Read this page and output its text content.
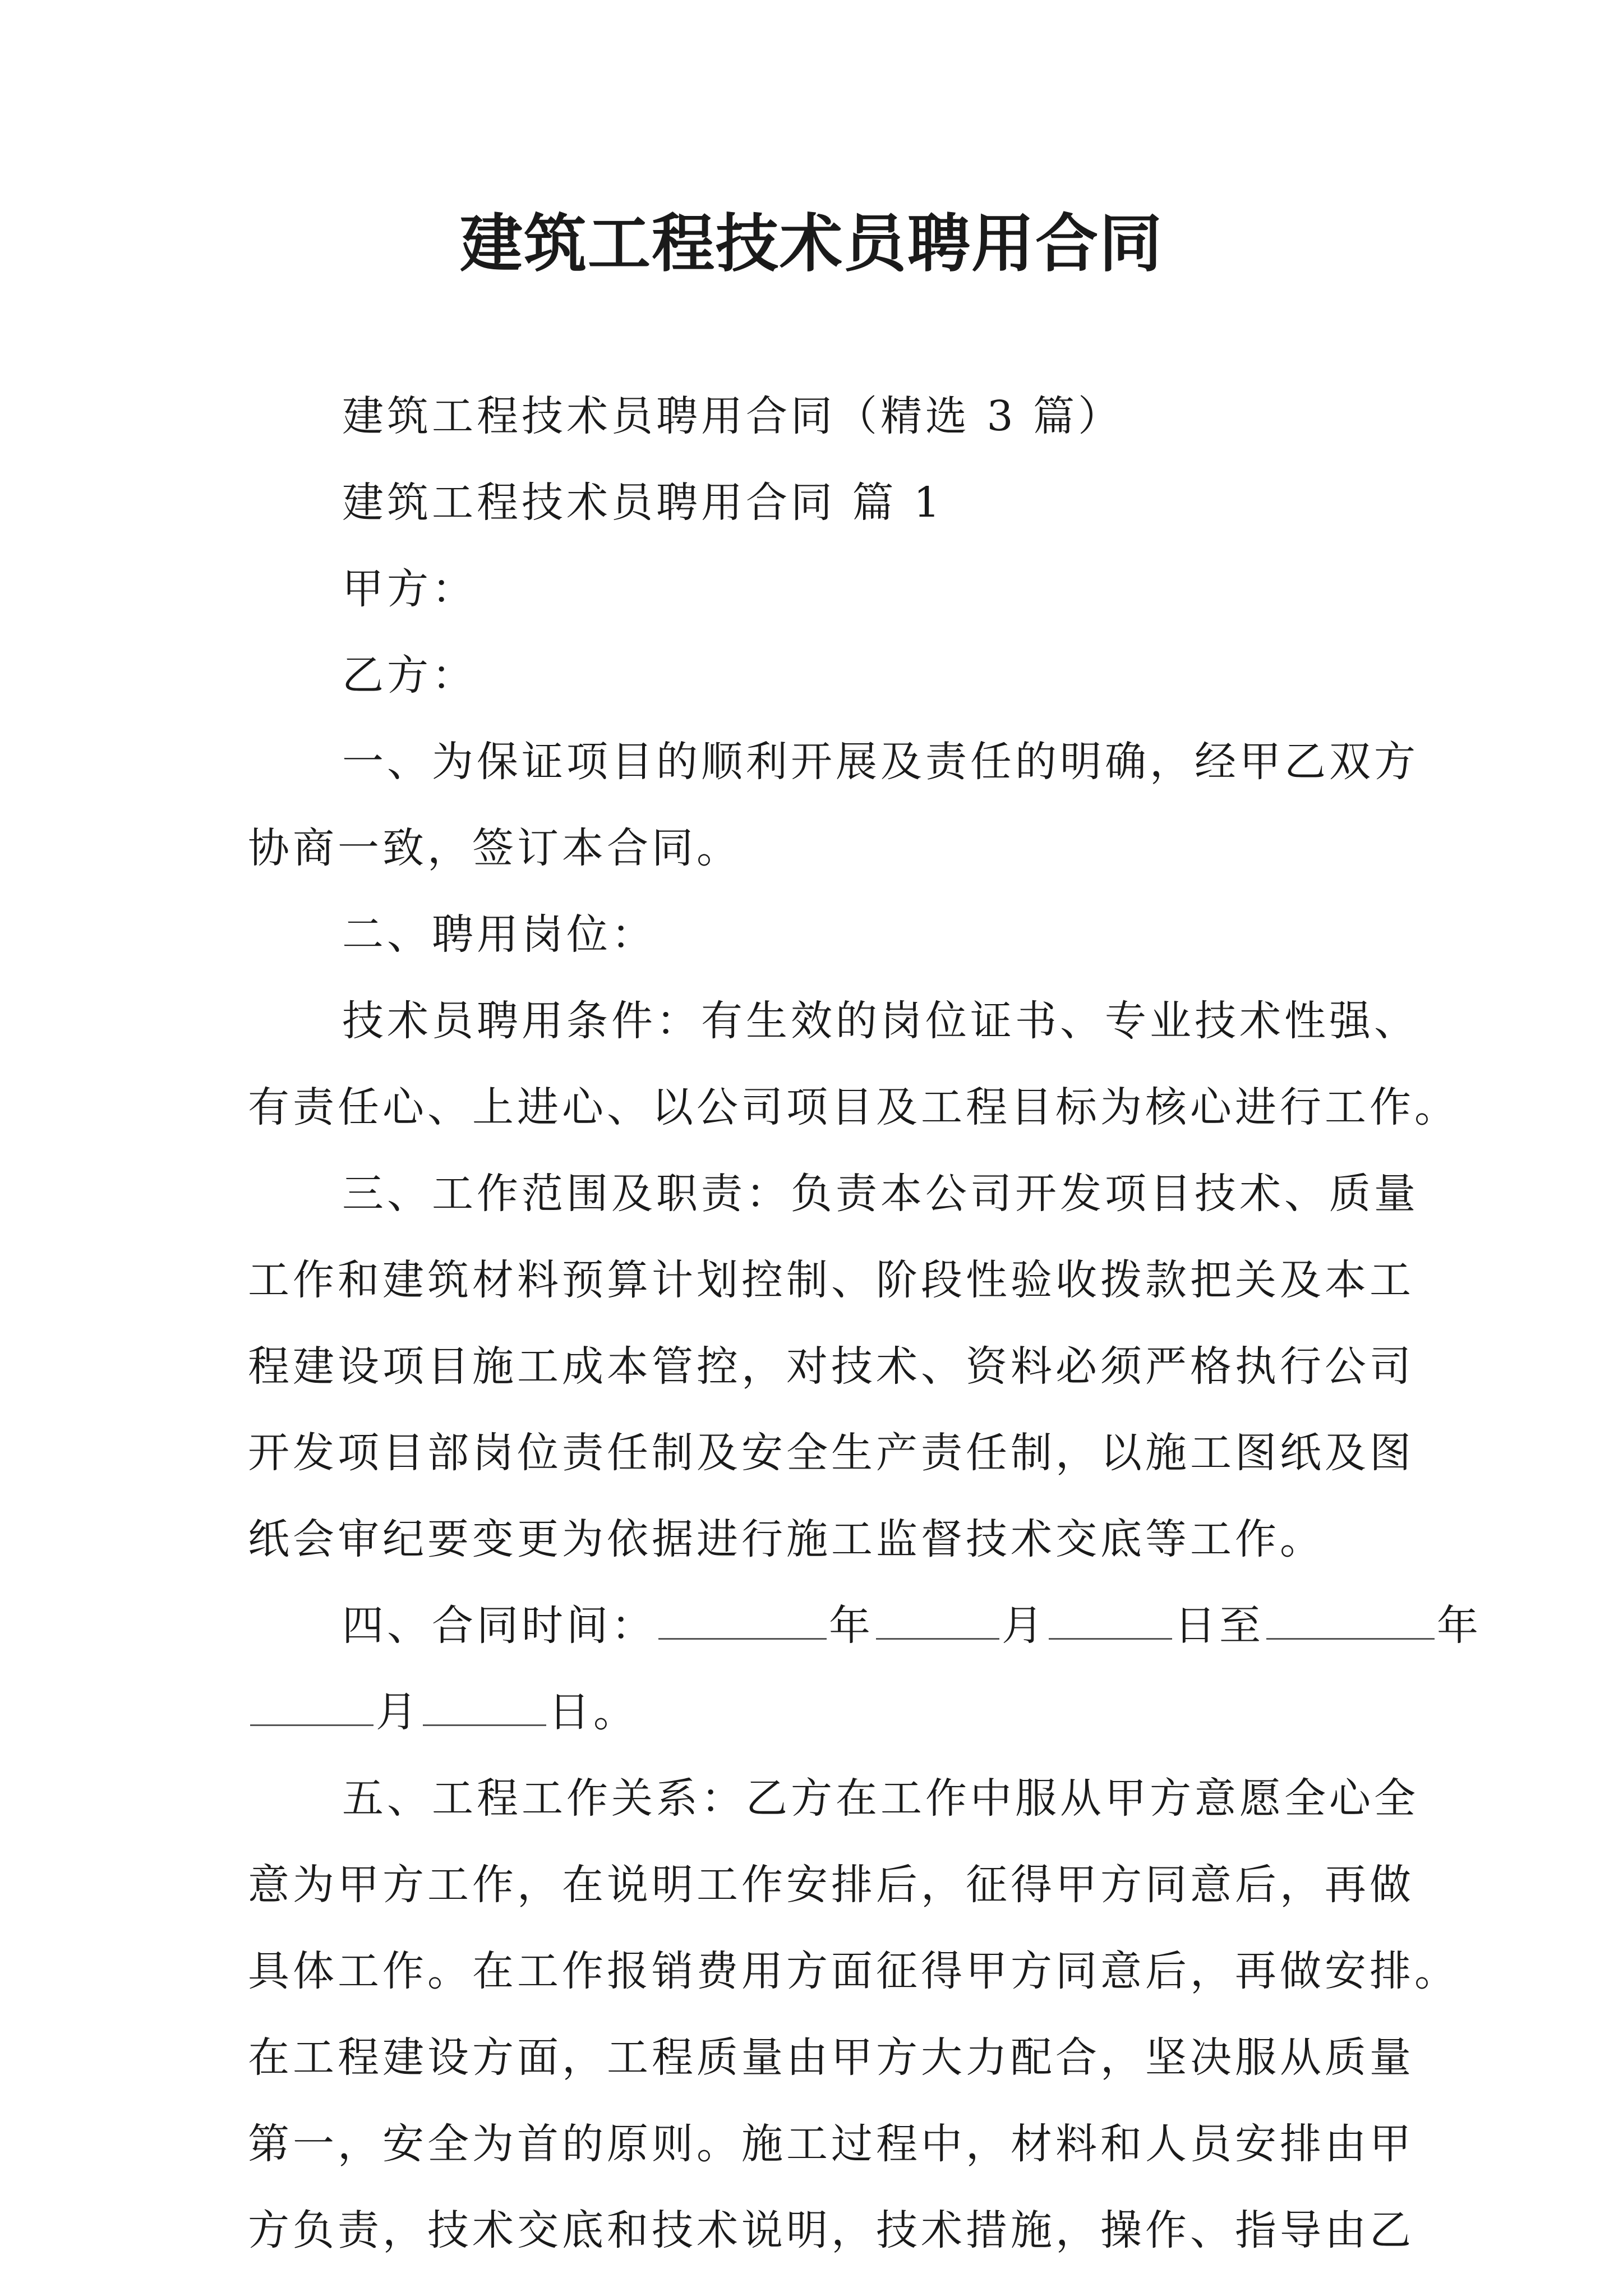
建筑工程技术员聘用合同

建筑工程技术员聘用合同（精选 3 篇）

建筑工程技术员聘用合同 篇 1

甲方：

乙方：

一、为保证项目的顺利开展及责任的明确，经甲乙双方

协商一致，签订本合同。

二、聘用岗位：

技术员聘用条件：有生效的岗位证书、专业技术性强、

有责任心、上进心、以公司项目及工程目标为核心进行工作。

三、工作范围及职责：负责本公司开发项目技术、质量

工作和建筑材料预算计划控制、阶段性验收拨款把关及本工

程建设项目施工成本管控，对技术、资料必须严格执行公司

开发项目部岗位责任制及安全生产责任制，以施工图纸及图

纸会审纪要变更为依据进行施工监督技术交底等工作。

四、合同时间：	年	月	日至	年

月	日。

五、工程工作关系：乙方在工作中服从甲方意愿全心全

意为甲方工作，在说明工作安排后，征得甲方同意后，再做

具体工作。在工作报销费用方面征得甲方同意后，再做安排。

在工程建设方面，工程质量由甲方大力配合，坚决服从质量

第一，安全为首的原则。施工过程中，材料和人员安排由甲

方负责，技术交底和技术说明，技术措施，操作、指导由乙
